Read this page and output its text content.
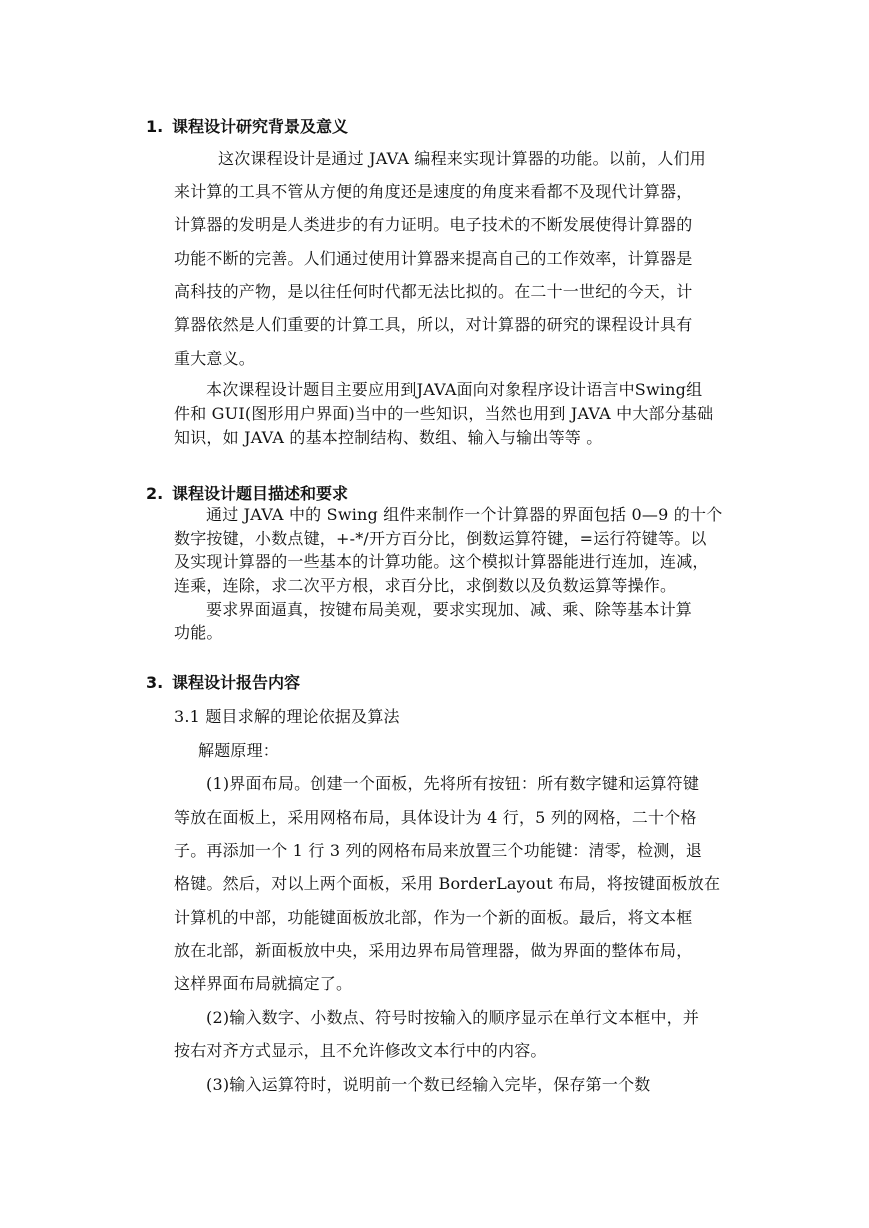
1. 课程设计研究背景及意义
这次课程设计是通过 JAVA 编程来实现计算器的功能。以前，人们用
来计算的工具不管从方便的角度还是速度的角度来看都不及现代计算器，
计算器的发明是人类进步的有力证明。电子技术的不断发展使得计算器的
功能不断的完善。人们通过使用计算器来提高自己的工作效率，计算器是
高科技的产物，是以往任何时代都无法比拟的。在二十一世纪的今天，计
算器依然是人们重要的计算工具，所以，对计算器的研究的课程设计具有
重大意义。
本次课程设计题目主要应用到JAVA面向对象程序设计语言中Swing组
件和 GUI(图形用户界面)当中的一些知识，当然也用到 JAVA 中大部分基础
知识，如 JAVA 的基本控制结构、数组、输入与输出等等 。
2. 课程设计题目描述和要求
通过 JAVA 中的 Swing 组件来制作一个计算器的界面包括 0—9 的十个
数字按键，小数点键，+-*/开方百分比，倒数运算符键，=运行符键等。以
及实现计算器的一些基本的计算功能。这个模拟计算器能进行连加，连减，
连乘，连除，求二次平方根，求百分比，求倒数以及负数运算等操作。
要求界面逼真，按键布局美观，要求实现加、减、乘、除等基本计算
功能。
3. 课程设计报告内容
3.1 题目求解的理论依据及算法
解题原理：
(1)界面布局。创建一个面板，先将所有按钮：所有数字键和运算符键
等放在面板上，采用网格布局，具体设计为 4 行，5 列的网格，二十个格
子。再添加一个 1 行 3 列的网格布局来放置三个功能键：清零，检测，退
格键。然后，对以上两个面板，采用 BorderLayout 布局，将按键面板放在
计算机的中部，功能键面板放北部，作为一个新的面板。最后，将文本框
放在北部，新面板放中央，采用边界布局管理器，做为界面的整体布局，
这样界面布局就搞定了。
(2)输入数字、小数点、符号时按输入的顺序显示在单行文本框中，并
按右对齐方式显示，且不允许修改文本行中的内容。
(3)输入运算符时，说明前一个数已经输入完毕，保存第一个数
